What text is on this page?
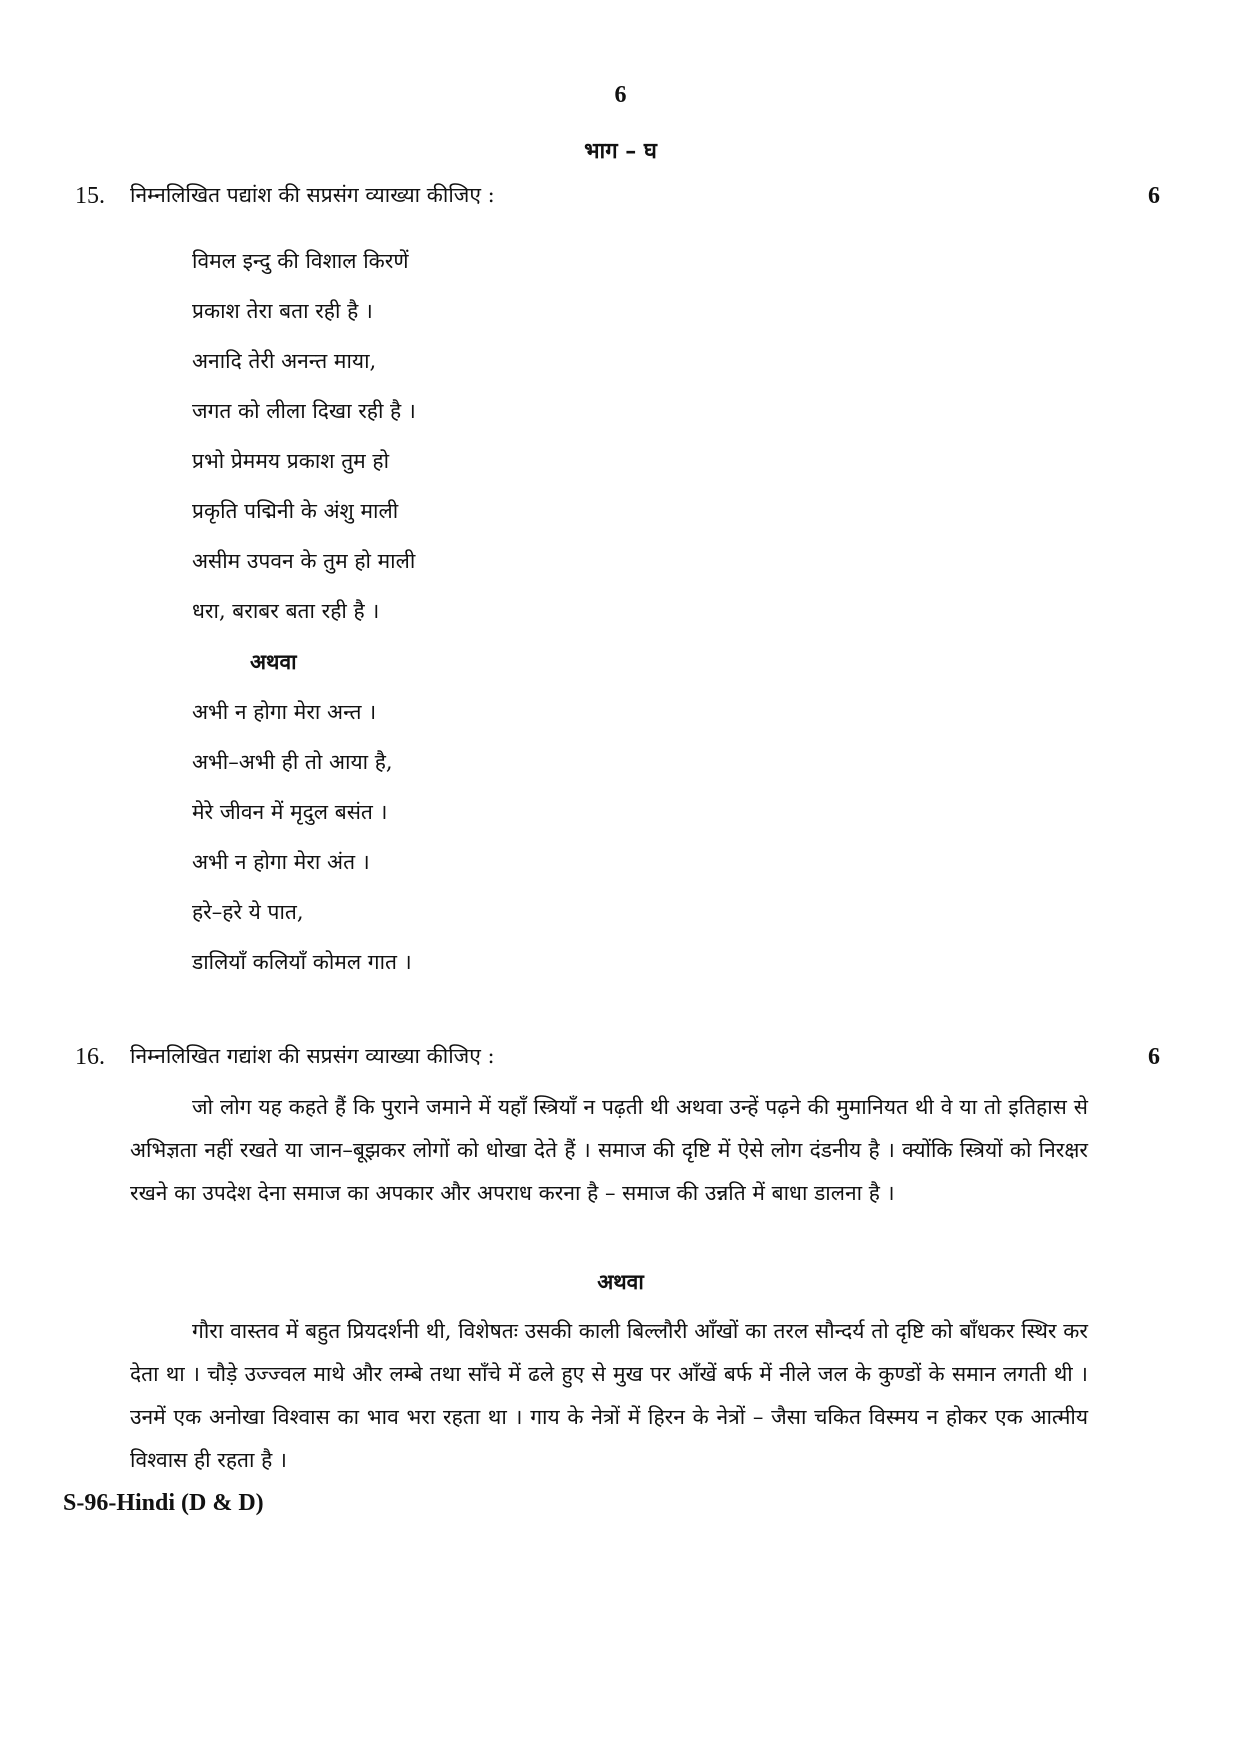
6
भाग – घ
15. निम्नलिखित पद्यांश की सप्रसंग व्याख्या कीजिए :	6
विमल इन्दु की विशाल किरणें
प्रकाश तेरा बता रही है ।
अनादि तेरी अनन्त माया,
जगत को लीला दिखा रही है ।
प्रभो प्रेममय प्रकाश तुम हो
प्रकृति पद्मिनी के अंशु माली
असीम उपवन के तुम हो माली
धरा, बराबर बता रही है ।
अथवा
अभी न होगा मेरा अन्त ।
अभी–अभी ही तो आया है,
मेरे जीवन में मृदुल बसंत ।
अभी न होगा मेरा अंत ।
हरे–हरे ये पात,
डालियाँ कलियाँ कोमल गात ।
16. निम्नलिखित गद्यांश की सप्रसंग व्याख्या कीजिए :	6

जो लोग यह कहते हैं कि पुराने जमाने में यहाँ स्त्रियाँ न पढ़ती थी अथवा उन्हें पढ़ने की मुमानियत थी वे या तो इतिहास से अभिज्ञता नहीं रखते या जान–बूझकर लोगों को धोखा देते हैं । समाज की दृष्टि में ऐसे लोग दंडनीय है । क्योंकि स्त्रियों को निरक्षर रखने का उपदेश देना समाज का अपकार और अपराध करना है – समाज की उन्नति में बाधा डालना है ।

अथवा

गौरा वास्तव में बहुत प्रियदर्शनी थी, विशेषतः उसकी काली बिल्लौरी आँखों का तरल सौन्दर्य तो दृष्टि को बाँधकर स्थिर कर देता था । चौड़े उज्ज्वल माथे और लम्बे तथा साँचे में ढले हुए से मुख पर आँखें बर्फ में नीले जल के कुण्डों के समान लगती थी । उनमें एक अनोखा विश्वास का भाव भरा रहता था । गाय के नेत्रों में हिरन के नेत्रों – जैसा चकित विस्मय न होकर एक आत्मीय विश्वास ही रहता है ।

S-96-Hindi (D & D)
